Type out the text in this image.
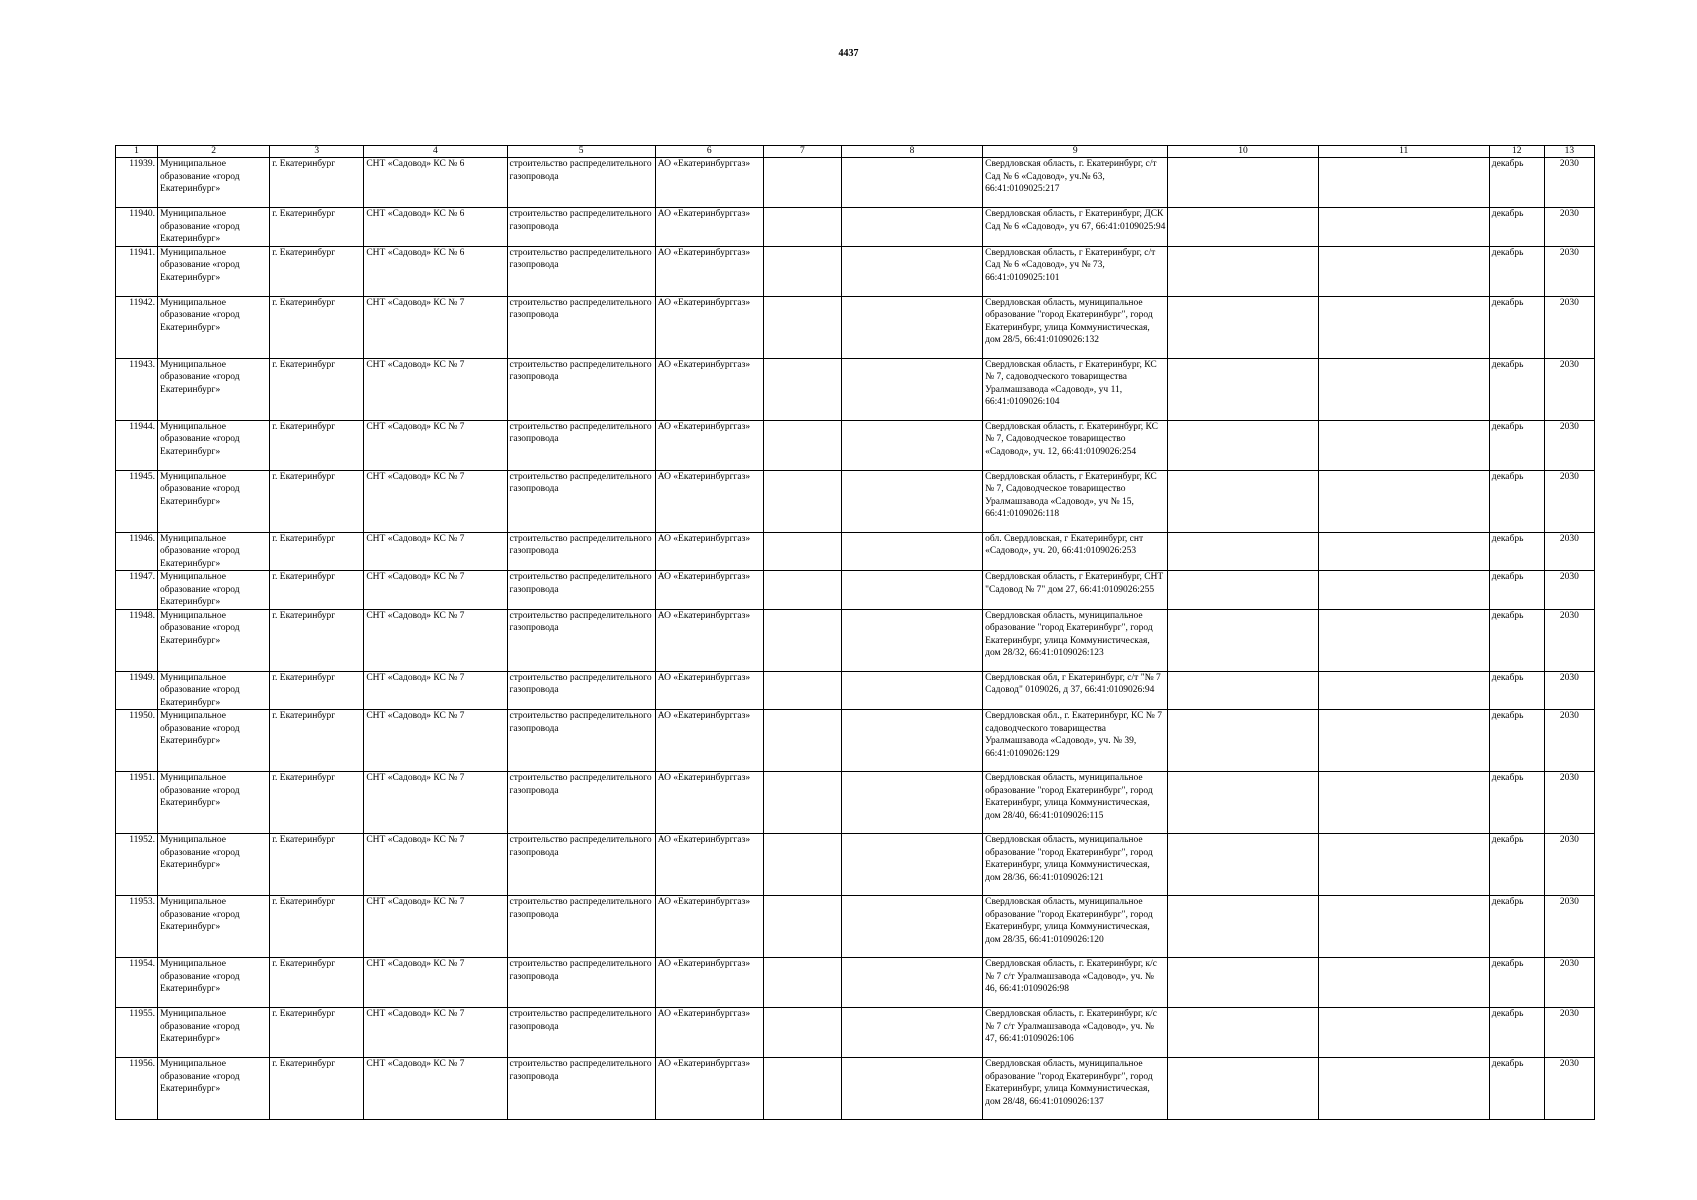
4437
1	2	3	4	5	6	7	8	9	10	11	12	13
11939.	Муниципальное образование «город Екатеринбург»	г. Екатеринбург	СНТ «Садовод» КС № 6	строительство распределительного газопровода	АО «Екатеринбурггаз»			Свердловская область, г. Екатеринбург, с/т Сад № 6 «Садовод», уч.№ 63, 66:41:0109025:217			декабрь	2030
11940.	Муниципальное образование «город Екатеринбург»	г. Екатеринбург	СНТ «Садовод» КС № 6	строительство распределительного газопровода	АО «Екатеринбурггаз»			Свердловская область, г Екатеринбург, ДСК Сад № 6 «Садовод», уч 67, 66:41:0109025:94			декабрь	2030
11941.	Муниципальное образование «город Екатеринбург»	г. Екатеринбург	СНТ «Садовод» КС № 6	строительство распределительного газопровода	АО «Екатеринбурггаз»			Свердловская область, г Екатеринбург, с/т Сад № 6 «Садовод», уч № 73, 66:41:0109025:101			декабрь	2030
11942.	Муниципальное образование «город Екатеринбург»	г. Екатеринбург	СНТ «Садовод» КС № 7	строительство распределительного газопровода	АО «Екатеринбурггаз»			Свердловская область, муниципальное образование "город Екатеринбург", город Екатеринбург, улица Коммунистическая, дом 28/5, 66:41:0109026:132			декабрь	2030
11943.	Муниципальное образование «город Екатеринбург»	г. Екатеринбург	СНТ «Садовод» КС № 7	строительство распределительного газопровода	АО «Екатеринбурггаз»			Свердловская область, г Екатеринбург, КС № 7, садоводческого товарищества Уралмашзавода «Садовод», уч 11, 66:41:0109026:104			декабрь	2030
11944.	Муниципальное образование «город Екатеринбург»	г. Екатеринбург	СНТ «Садовод» КС № 7	строительство распределительного газопровода	АО «Екатеринбурггаз»			Свердловская область, г. Екатеринбург, КС № 7, Садоводческое товарищество «Садовод», уч. 12, 66:41:0109026:254			декабрь	2030
11945.	Муниципальное образование «город Екатеринбург»	г. Екатеринбург	СНТ «Садовод» КС № 7	строительство распределительного газопровода	АО «Екатеринбурггаз»			Свердловская область, г Екатеринбург, КС № 7, Садоводческое товарищество Уралмашзавода «Садовод», уч № 15, 66:41:0109026:118			декабрь	2030
11946.	Муниципальное образование «город Екатеринбург»	г. Екатеринбург	СНТ «Садовод» КС № 7	строительство распределительного газопровода	АО «Екатеринбурггаз»			обл. Свердловская, г Екатеринбург, снт «Садовод», уч. 20, 66:41:0109026:253			декабрь	2030
11947.	Муниципальное образование «город Екатеринбург»	г. Екатеринбург	СНТ «Садовод» КС № 7	строительство распределительного газопровода	АО «Екатеринбурггаз»			Свердловская область, г Екатеринбург, СНТ "Садовод № 7" дом 27, 66:41:0109026:255			декабрь	2030
11948.	Муниципальное образование «город Екатеринбург»	г. Екатеринбург	СНТ «Садовод» КС № 7	строительство распределительного газопровода	АО «Екатеринбурггаз»			Свердловская область, муниципальное образование "город Екатеринбург", город Екатеринбург, улица Коммунистическая, дом 28/32, 66:41:0109026:123			декабрь	2030
11949.	Муниципальное образование «город Екатеринбург»	г. Екатеринбург	СНТ «Садовод» КС № 7	строительство распределительного газопровода	АО «Екатеринбурггаз»			Свердловская обл, г Екатеринбург, с/т "№ 7 Садовод" 0109026, д 37, 66:41:0109026:94			декабрь	2030
11950.	Муниципальное образование «город Екатеринбург»	г. Екатеринбург	СНТ «Садовод» КС № 7	строительство распределительного газопровода	АО «Екатеринбурггаз»			Свердловская обл., г. Екатеринбург, КС № 7 садоводческого товарищества Уралмашзавода «Садовод», уч. № 39, 66:41:0109026:129			декабрь	2030
11951.	Муниципальное образование «город Екатеринбург»	г. Екатеринбург	СНТ «Садовод» КС № 7	строительство распределительного газопровода	АО «Екатеринбурггаз»			Свердловская область, муниципальное образование "город Екатеринбург", город Екатеринбург, улица Коммунистическая, дом 28/40, 66:41:0109026:115			декабрь	2030
11952.	Муниципальное образование «город Екатеринбург»	г. Екатеринбург	СНТ «Садовод» КС № 7	строительство распределительного газопровода	АО «Екатеринбурггаз»			Свердловская область, муниципальное образование "город Екатеринбург", город Екатеринбург, улица Коммунистическая, дом 28/36, 66:41:0109026:121			декабрь	2030
11953.	Муниципальное образование «город Екатеринбург»	г. Екатеринбург	СНТ «Садовод» КС № 7	строительство распределительного газопровода	АО «Екатеринбурггаз»			Свердловская область, муниципальное образование "город Екатеринбург", город Екатеринбург, улица Коммунистическая, дом 28/35, 66:41:0109026:120			декабрь	2030
11954.	Муниципальное образование «город Екатеринбург»	г. Екатеринбург	СНТ «Садовод» КС № 7	строительство распределительного газопровода	АО «Екатеринбурггаз»			Свердловская область, г. Екатеринбург, к/с № 7 с/т Уралмашзавода «Садовод», уч. № 46, 66:41:0109026:98			декабрь	2030
11955.	Муниципальное образование «город Екатеринбург»	г. Екатеринбург	СНТ «Садовод» КС № 7	строительство распределительного газопровода	АО «Екатеринбурггаз»			Свердловская область, г. Екатеринбург, к/с № 7 с/т Уралмашзавода «Садовод», уч. № 47, 66:41:0109026:106			декабрь	2030
11956.	Муниципальное образование «город Екатеринбург»	г. Екатеринбург	СНТ «Садовод» КС № 7	строительство распределительного газопровода	АО «Екатеринбурггаз»			Свердловская область, муниципальное образование "город Екатеринбург", город Екатеринбург, улица Коммунистическая, дом 28/48, 66:41:0109026:137			декабрь	2030
